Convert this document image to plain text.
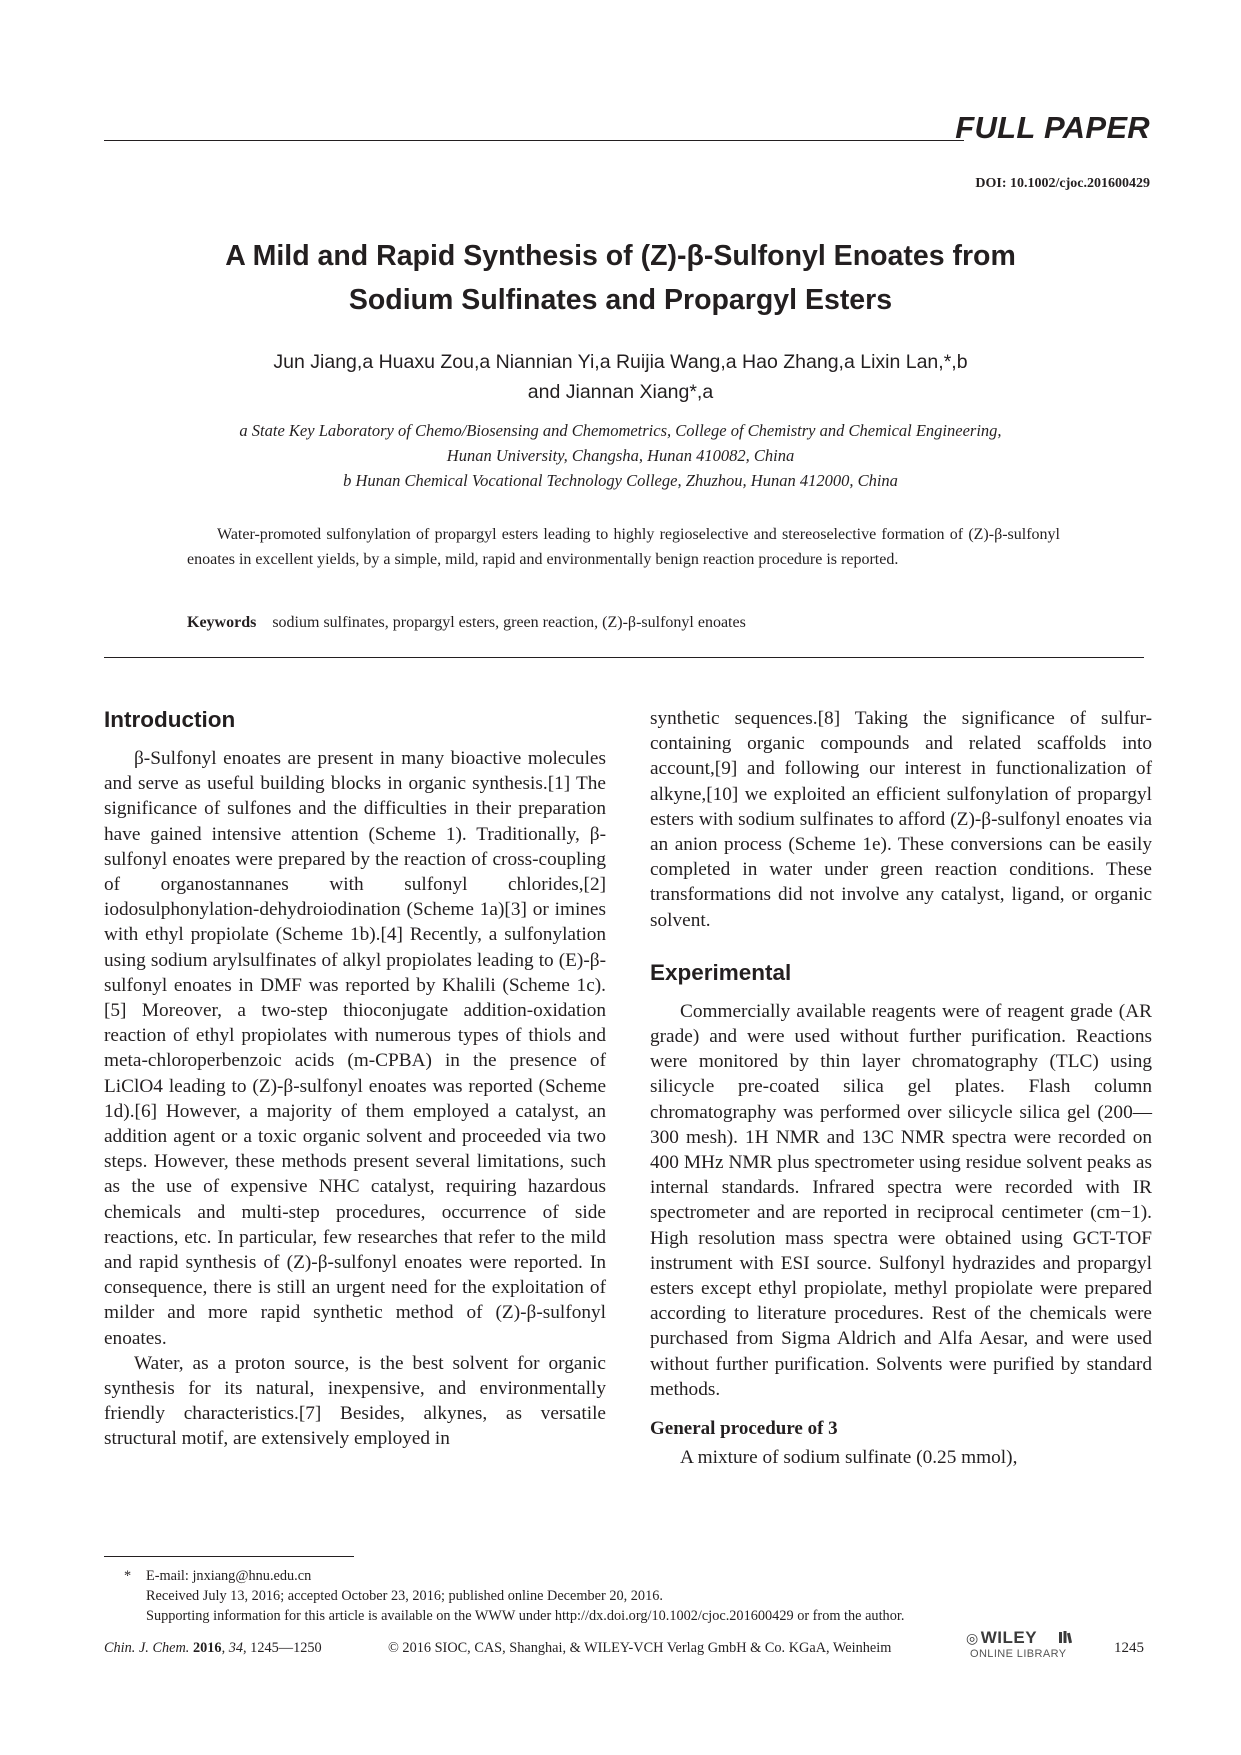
FULL PAPER
DOI: 10.1002/cjoc.201600429
A Mild and Rapid Synthesis of (Z)-β-Sulfonyl Enoates from
Sodium Sulfinates and Propargyl Esters
Jun Jiang,a Huaxu Zou,a Niannian Yi,a Ruijia Wang,a Hao Zhang,a Lixin Lan,*,b
and Jiannan Xiang*,a
a State Key Laboratory of Chemo/Biosensing and Chemometrics, College of Chemistry and Chemical Engineering,
Hunan University, Changsha, Hunan 410082, China
b Hunan Chemical Vocational Technology College, Zhuzhou, Hunan 412000, China

Water-promoted sulfonylation of propargyl esters leading to highly regioselective and stereoselective formation of (Z)-β-sulfonyl enoates in excellent yields, by a simple, mild, rapid and environmentally benign reaction procedure is reported.

Keywords sodium sulfinates, propargyl esters, green reaction, (Z)-β-sulfonyl enoates
Introduction

β-Sulfonyl enoates are present in many bioactive molecules and serve as useful building blocks in organic synthesis.[1] The significance of sulfones and the difficulties in their preparation have gained intensive attention (Scheme 1). Traditionally, β-sulfonyl enoates were prepared by the reaction of cross-coupling of organostannanes with sulfonyl chlorides,[2] iodosulphonylation-dehydroiodination (Scheme 1a)[3] or imines with ethyl propiolate (Scheme 1b).[4] Recently, a sulfonylation using sodium arylsulfinates of alkyl propiolates leading to (E)-β-sulfonyl enoates in DMF was reported by Khalili (Scheme 1c).[5] Moreover, a two-step thioconjugate addition-oxidation reaction of ethyl propiolates with numerous types of thiols and meta-chloroperbenzoic acids (m-CPBA) in the presence of LiClO4 leading to (Z)-β-sulfonyl enoates was reported (Scheme 1d).[6] However, a majority of them employed a catalyst, an addition agent or a toxic organic solvent and proceeded via two steps. However, these methods present several limitations, such as the use of expensive NHC catalyst, requiring hazardous chemicals and multi-step procedures, occurrence of side reactions, etc. In particular, few researches that refer to the mild and rapid synthesis of (Z)-β-sulfonyl enoates were reported. In consequence, there is still an urgent need for the exploitation of milder and more rapid synthetic method of (Z)-β-sulfonyl enoates.

Water, as a proton source, is the best solvent for organic synthesis for its natural, inexpensive, and environmentally friendly characteristics.[7] Besides, alkynes, as versatile structural motif, are extensively employed in

synthetic sequences.[8] Taking the significance of sulfur-containing organic compounds and related scaffolds into account,[9] and following our interest in functionalization of alkyne,[10] we exploited an efficient sulfonylation of propargyl esters with sodium sulfinates to afford (Z)-β-sulfonyl enoates via an anion process (Scheme 1e). These conversions can be easily completed in water under green reaction conditions. These transformations did not involve any catalyst, ligand, or organic solvent.

Experimental

Commercially available reagents were of reagent grade (AR grade) and were used without further purification. Reactions were monitored by thin layer chromatography (TLC) using silicycle pre-coated silica gel plates. Flash column chromatography was performed over silicycle silica gel (200—300 mesh). 1H NMR and 13C NMR spectra were recorded on 400 MHz NMR plus spectrometer using residue solvent peaks as internal standards. Infrared spectra were recorded with IR spectrometer and are reported in reciprocal centimeter (cm−1). High resolution mass spectra were obtained using GCT-TOF instrument with ESI source. Sulfonyl hydrazides and propargyl esters except ethyl propiolate, methyl propiolate were prepared according to literature procedures. Rest of the chemicals were purchased from Sigma Aldrich and Alfa Aesar, and were used without further purification. Solvents were purified by standard methods.

General procedure of 3

A mixture of sodium sulfinate (0.25 mmol),

* E-mail: jnxiang@hnu.edu.cn
Received July 13, 2016; accepted October 23, 2016; published online December 20, 2016.
Supporting information for this article is available on the WWW under http://dx.doi.org/10.1002/cjoc.201600429 or from the author.
Chin. J. Chem. 2016, 34, 1245—1250	© 2016 SIOC, CAS, Shanghai, & WILEY-VCH Verlag GmbH & Co. KGaA, Weinheim
◎ WILEY
ONLINE LIBRARY	1245
